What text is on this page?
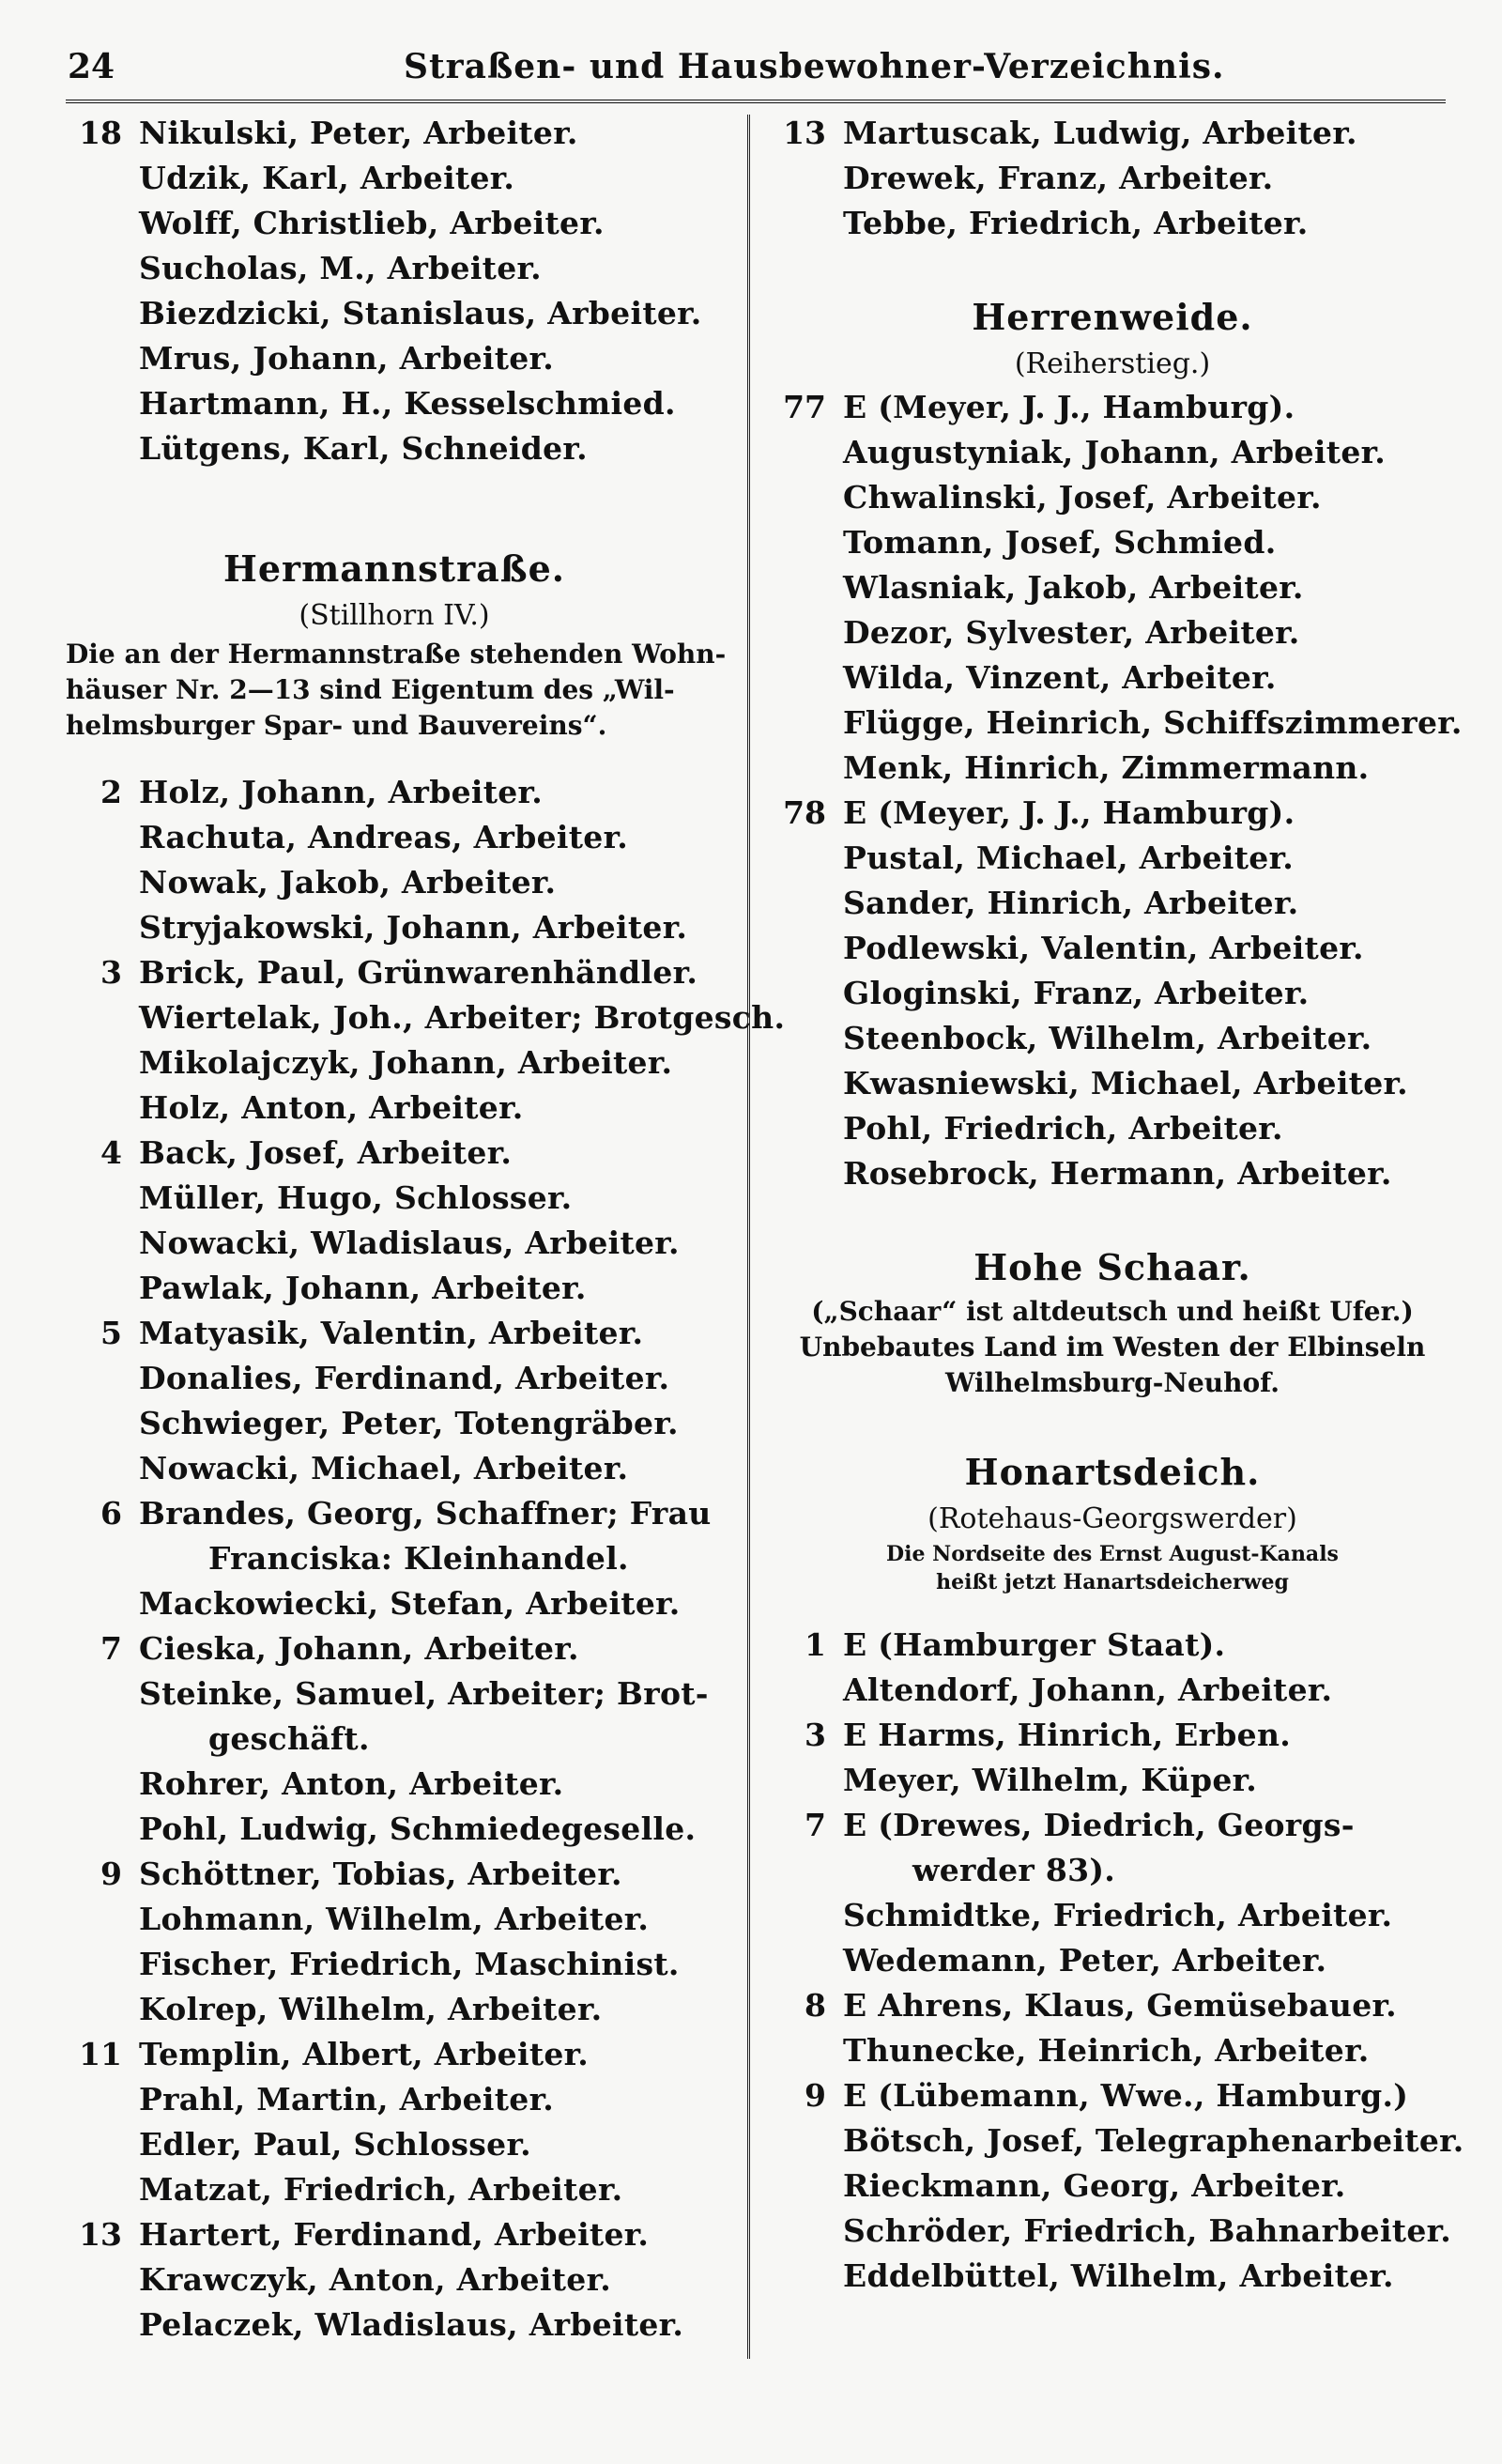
24	Straßen- und Hausbewohner-Verzeichnis.
18 Nikulski, Peter, Arbeiter.
Udzik, Karl, Arbeiter.
Wolff, Christlieb, Arbeiter.
Sucholas, M., Arbeiter.
Biezdzicki, Stanislaus, Arbeiter.
Mrus, Johann, Arbeiter.
Hartmann, H., Kesselschmied.
Lütgens, Karl, Schneider.
Hermannstraße.
(Stillhorn IV.)
Die an der Hermannstraße stehenden Wohn-
häuser Nr. 2—13 sind Eigentum des „Wil-
helmsburger Spar- und Bauvereins“.
2 Holz, Johann, Arbeiter.
Rachuta, Andreas, Arbeiter.
Nowak, Jakob, Arbeiter.
Stryjakowski, Johann, Arbeiter.
3 Brick, Paul, Grünwarenhändler.
Wiertelak, Joh., Arbeiter; Brotgesch.
Mikolajczyk, Johann, Arbeiter.
Holz, Anton, Arbeiter.
4 Back, Josef, Arbeiter.
Müller, Hugo, Schlosser.
Nowacki, Wladislaus, Arbeiter.
Pawlak, Johann, Arbeiter.
5 Matyasik, Valentin, Arbeiter.
Donalies, Ferdinand, Arbeiter.
Schwieger, Peter, Totengräber.
Nowacki, Michael, Arbeiter.
6 Brandes, Georg, Schaffner; Frau
Franciska: Kleinhandel.
Mackowiecki, Stefan, Arbeiter.
7 Cieska, Johann, Arbeiter.
Steinke, Samuel, Arbeiter; Brot-
geschäft.
Rohrer, Anton, Arbeiter.
Pohl, Ludwig, Schmiedegeselle.
9 Schöttner, Tobias, Arbeiter.
Lohmann, Wilhelm, Arbeiter.
Fischer, Friedrich, Maschinist.
Kolrep, Wilhelm, Arbeiter.
11 Templin, Albert, Arbeiter.
Prahl, Martin, Arbeiter.
Edler, Paul, Schlosser.
Matzat, Friedrich, Arbeiter.
13 Hartert, Ferdinand, Arbeiter.
Krawczyk, Anton, Arbeiter.
Pelaczek, Wladislaus, Arbeiter.
13 Martuscak, Ludwig, Arbeiter.
Drewek, Franz, Arbeiter.
Tebbe, Friedrich, Arbeiter.
Herrenweide.
(Reiherstieg.)
77 E (Meyer, J. J., Hamburg).
Augustyniak, Johann, Arbeiter.
Chwalinski, Josef, Arbeiter.
Tomann, Josef, Schmied.
Wlasniak, Jakob, Arbeiter.
Dezor, Sylvester, Arbeiter.
Wilda, Vinzent, Arbeiter.
Flügge, Heinrich, Schiffszimmerer.
Menk, Hinrich, Zimmermann.
78 E (Meyer, J. J., Hamburg).
Pustal, Michael, Arbeiter.
Sander, Hinrich, Arbeiter.
Podlewski, Valentin, Arbeiter.
Gloginski, Franz, Arbeiter.
Steenbock, Wilhelm, Arbeiter.
Kwasniewski, Michael, Arbeiter.
Pohl, Friedrich, Arbeiter.
Rosebrock, Hermann, Arbeiter.
Hohe Schaar.
(„Schaar“ ist altdeutsch und heißt Ufer.)
Unbebautes Land im Westen der Elbinseln
Wilhelmsburg-Neuhof.
Honartsdeich.
(Rotehaus-Georgswerder)
Die Nordseite des Ernst August-Kanals
heißt jetzt Hanartsdeicherweg
1 E (Hamburger Staat).
Altendorf, Johann, Arbeiter.
3 E Harms, Hinrich, Erben.
Meyer, Wilhelm, Küper.
7 E (Drewes, Diedrich, Georgs-
werder 83).
Schmidtke, Friedrich, Arbeiter.
Wedemann, Peter, Arbeiter.
8 E Ahrens, Klaus, Gemüsebauer.
Thunecke, Heinrich, Arbeiter.
9 E (Lübemann, Wwe., Hamburg.)
Bötsch, Josef, Telegraphenarbeiter.
Rieckmann, Georg, Arbeiter.
Schröder, Friedrich, Bahnarbeiter.
Eddelbüttel, Wilhelm, Arbeiter.
